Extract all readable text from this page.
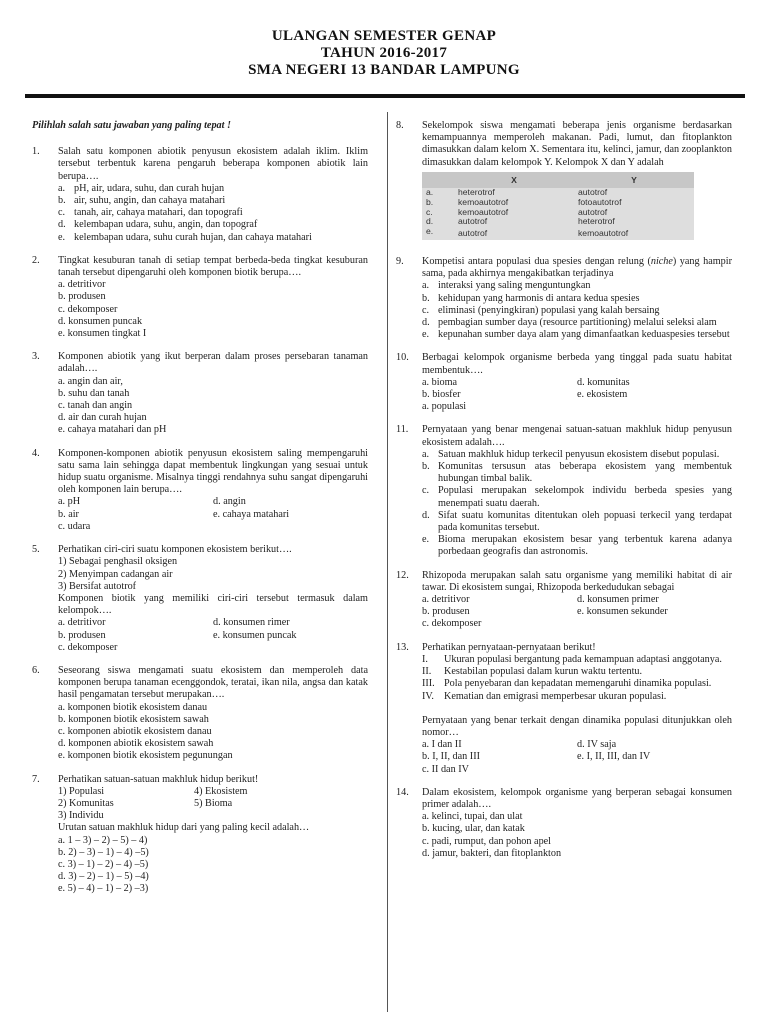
ULANGAN SEMESTER GENAP
TAHUN 2016-2017
SMA NEGERI 13 BANDAR LAMPUNG
Pilihlah salah satu jawaban yang paling tepat !
1.	Salah satu komponen abiotik penyusun ekosistem adalah iklim. Iklim tersebut terbentuk karena pengaruh beberapa komponen abiotik lain berupa….
a. pH, air, udara, suhu, dan curah hujan
b. air, suhu, angin, dan cahaya matahari
c. tanah, air, cahaya matahari, dan topografi
d. kelembapan udara, suhu, angin, dan topograf
e. kelembapan udara, suhu curah hujan, dan cahaya matahari
2.	Tingkat kesuburan tanah di setiap tempat berbeda-beda tingkat kesuburan tanah tersebut dipengaruhi oleh komponen biotik berupa….
a. detritivor
b. produsen
c. dekomposer
d. konsumen puncak
e. konsumen tingkat I
3.	Komponen abiotik yang ikut berperan dalam proses persebaran tanaman adalah….
a. angin dan air,
b. suhu dan tanah
c. tanah dan angin
d. air dan curah hujan
e. cahaya matahari dan pH
4.	Komponen-komponen abiotik penyusun ekosistem saling mempengaruhi satu sama lain sehingga dapat membentuk lingkungan yang sesuai untuk hidup suatu organisme. Misalnya tinggi rendahnya suhu sangat dipengaruhi oleh komponen lain berupa….
a. pH	d. angin
b. air	e. cahaya matahari
c. udara
5.	Perhatikan ciri-ciri suatu komponen ekosistem berikut….
1) Sebagai penghasil oksigen
2) Menyimpan cadangan air
3) Bersifat autotrof
Komponen biotik yang memiliki ciri-ciri tersebut termasuk dalam kelompok….
a. detritivor	d. konsumen rimer
b. produsen	e. konsumen puncak
c. dekomposer
6.	Seseorang siswa mengamati suatu ekosistem dan memperoleh data komponen berupa tanaman ecenggondok, teratai, ikan nila, angsa dan katak hasil pengamatan tersebut merupakan….
a. komponen biotik ekosistem danau
b. komponen biotik ekosistem sawah
c. komponen abiotik ekosistem danau
d. komponen abiotik ekosistem sawah
e. komponen biotik ekosistem pegunungan
7.	Perhatikan satuan-satuan makhluk hidup berikut!
1) Populasi	4) Ekosistem
2) Komunitas	5) Bioma
3) Individu
Urutan satuan makhluk hidup dari yang paling kecil adalah…
a. 1 – 3) – 2) – 5) – 4)
b. 2) – 3) – 1) – 4) –5)
c. 3) – 1) – 2) – 4) –5)
d. 3) – 2) – 1) – 5) –4)
e. 5) – 4) – 1) – 2) –3)
8.	Sekelompok siswa mengamati beberapa jenis organisme berdasarkan kemampuannya memperoleh makanan. Padi, lumut, dan fitoplankton dimasukkan dalam kelom X. Sementara itu, kelinci, jamur, dan zooplankton dimasukkan dalam kelompok Y. Kelompok X dan Y adalah
	X	Y
a.	heterotrof	autotrof
b.	kemoautotrof	fotoautotrof
c.	kemoautotrof	autotrof
d.	autotrof	heterotrof
e.	autotrof	kemoautotrof
9.	Kompetisi antara populasi dua spesies dengan relung (niche) yang hampir sama, pada akhirnya mengakibatkan terjadinya
a. interaksi yang saling menguntungkan
b. kehidupan yang harmonis di antara kedua spesies
c. eliminasi (penyingkiran) populasi yang kalah bersaing
d. pembagian sumber daya (resource partitioning) melalui seleksi alam
e. kepunahan sumber daya alam yang dimanfaatkan keduaspesies tersebut
10.	Berbagai kelompok organisme berbeda yang tinggal pada suatu habitat membentuk….
a. bioma	d. komunitas
b. biosfer	e. ekosistem
a. populasi
11.	Pernyataan yang benar mengenai satuan-satuan makhluk hidup penyusun ekosistem adalah….
a. Satuan makhluk hidup terkecil penyusun ekosistem disebut populasi.
b. Komunitas tersusun atas beberapa ekosistem yang membentuk hubungan timbal balik.
c. Populasi merupakan sekelompok individu berbeda spesies yang menempati suatu daerah.
d. Sifat suatu komunitas ditentukan oleh popuasi terkecil yang terdapat pada komunitas tersebut.
e. Bioma merupakan ekosistem besar yang terbentuk karena adanya porbedaan geografis dan astronomis.
12.	Rhizopoda merupakan salah satu organisme yang memiliki habitat di air tawar. Di ekosistem sungai, Rhizopoda berkedudukan sebagai
a. detritivor	d. konsumen primer
b. produsen	e. konsumen sekunder
c. dekomposer
13.	Perhatikan pernyataan-pernyataan berikut!
I.	Ukuran populasi bergantung pada kemampuan adaptasi anggotanya.
II.	Kestabilan populasi dalam kurun waktu tertentu.
III. Pola penyebaran dan kepadatan memengaruhi dinamika populasi.
IV. Kematian dan emigrasi memperbesar ukuran populasi.
Pernyataan yang benar terkait dengan dinamika populasi ditunjukkan oleh nomor…
a. I dan II	d. IV saja
b. I, II, dan III	e. I, II, III, dan IV
c. II dan IV
14.	Dalam ekosistem, kelompok organisme yang berperan sebagai konsumen primer adalah….
a. kelinci, tupai, dan ulat
b. kucing, ular, dan katak
c. padi, rumput, dan pohon apel
d. jamur, bakteri, dan fitoplankton
